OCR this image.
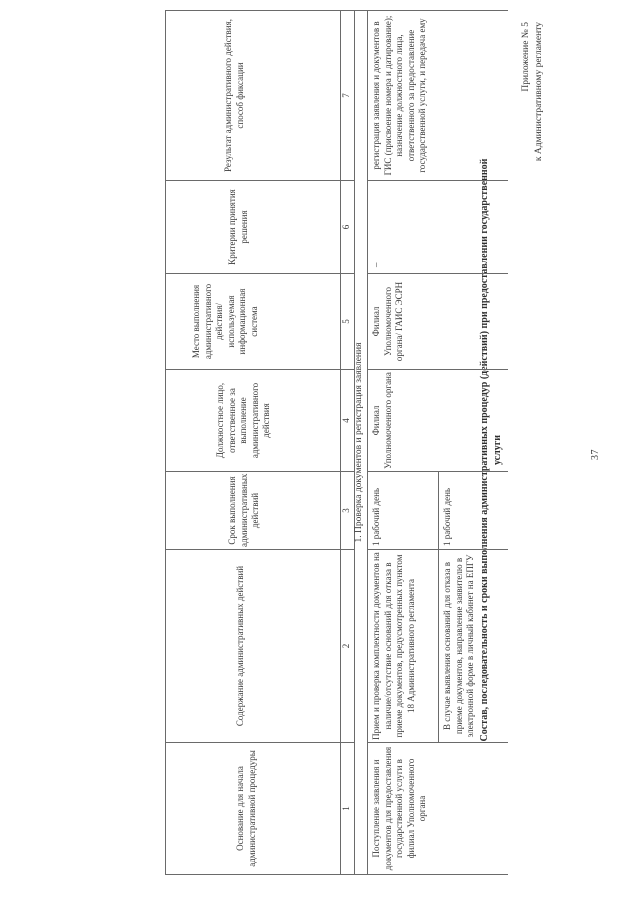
37
Приложение № 5 к Административному регламенту
Состав, последовательность и сроки выполнения административных процедур (действий) при предоставлении государственной услуги
Основание для начала административной процедуры
Содержание административных действий
Срок выполнения административных действий
Должностное лицо, ответственное за выполнение административного действия
Место выполнения административного действия/ используемая информационная система
Критерии принятия решения
Результат административного действия, способ фиксации
1
2
3
4
5
6
7
1. Проверка документов и регистрация заявления
Поступление заявления и документов для предоставления государственной услуги в филиал Уполномоченного органа
Прием и проверка комплектности документов на наличие/отсутствие оснований для отказа в приеме документов, предусмотренных пунктом 18 Административного регламента	В случае выявления оснований для отказа в приеме документов, направление заявителю в электронной форме в личный кабинет на ЕПГУ
1 рабочий день	1 рабочий день
Филиал Уполномоченного органа
Филиал Уполномоченного органа/ ГАИС ЭСРН
–
регистрация заявления и документов в ГИС (присвоение номера и датирование); назначение должностного лица, ответственного за предоставление государственной услуги, и передача ему
